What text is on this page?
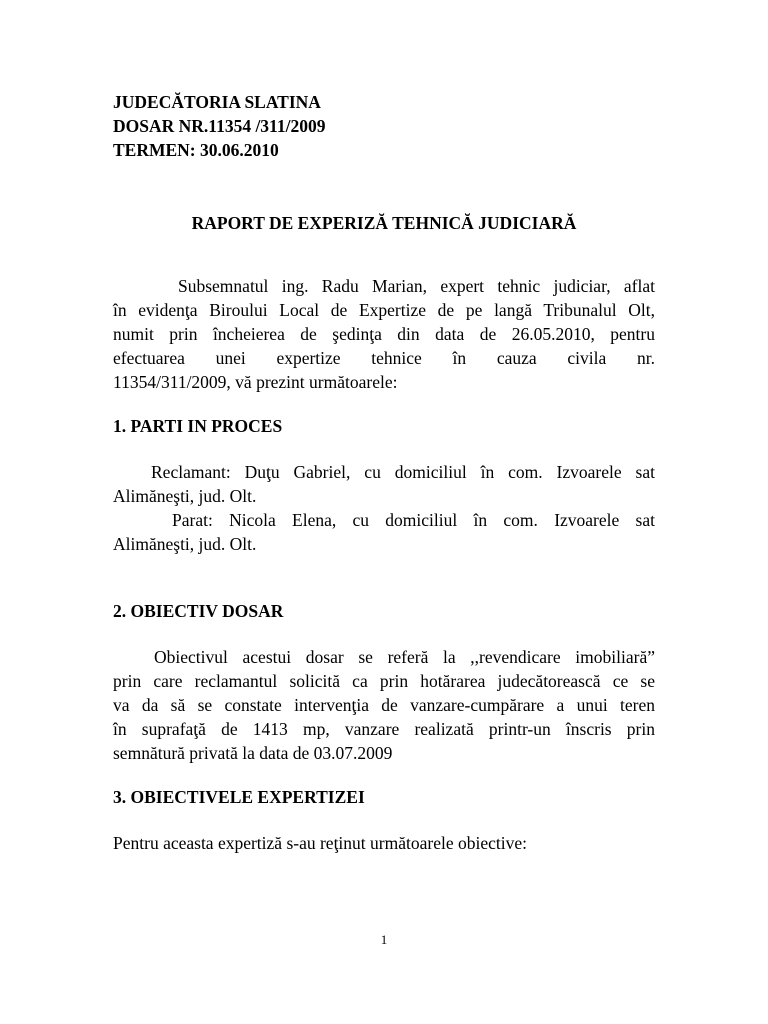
JUDECĂTORIA SLATINA
DOSAR NR.11354 /311/2009
TERMEN: 30.06.2010
RAPORT DE EXPERIZĂ TEHNICĂ JUDICIARĂ
Subsemnatul ing. Radu Marian, expert tehnic judiciar, aflat
în evidenţa Biroului Local de Expertize de pe langă Tribunalul Olt,
numit prin încheierea de şedinţa din data de 26.05.2010, pentru
efectuarea unei expertize tehnice în cauza civila nr.
11354/311/2009, vă prezint următoarele:
1. PARTI IN PROCES
Reclamant: Duţu Gabriel, cu domiciliul în com. Izvoarele sat
Alimăneşti, jud. Olt.
Parat: Nicola Elena, cu domiciliul în com. Izvoarele sat
Alimăneşti, jud. Olt.
2. OBIECTIV DOSAR
Obiectivul acestui dosar se referă la ,,revendicare imobiliară”
prin care reclamantul solicită ca prin hotărarea judecătorească ce se
va da să se constate intervenţia de vanzare-cumpărare a unui teren
în suprafaţă de 1413 mp, vanzare realizată printr-un înscris prin
semnătură privată la data de 03.07.2009
3. OBIECTIVELE EXPERTIZEI
Pentru aceasta expertiză s-au reţinut următoarele obiective:
1
